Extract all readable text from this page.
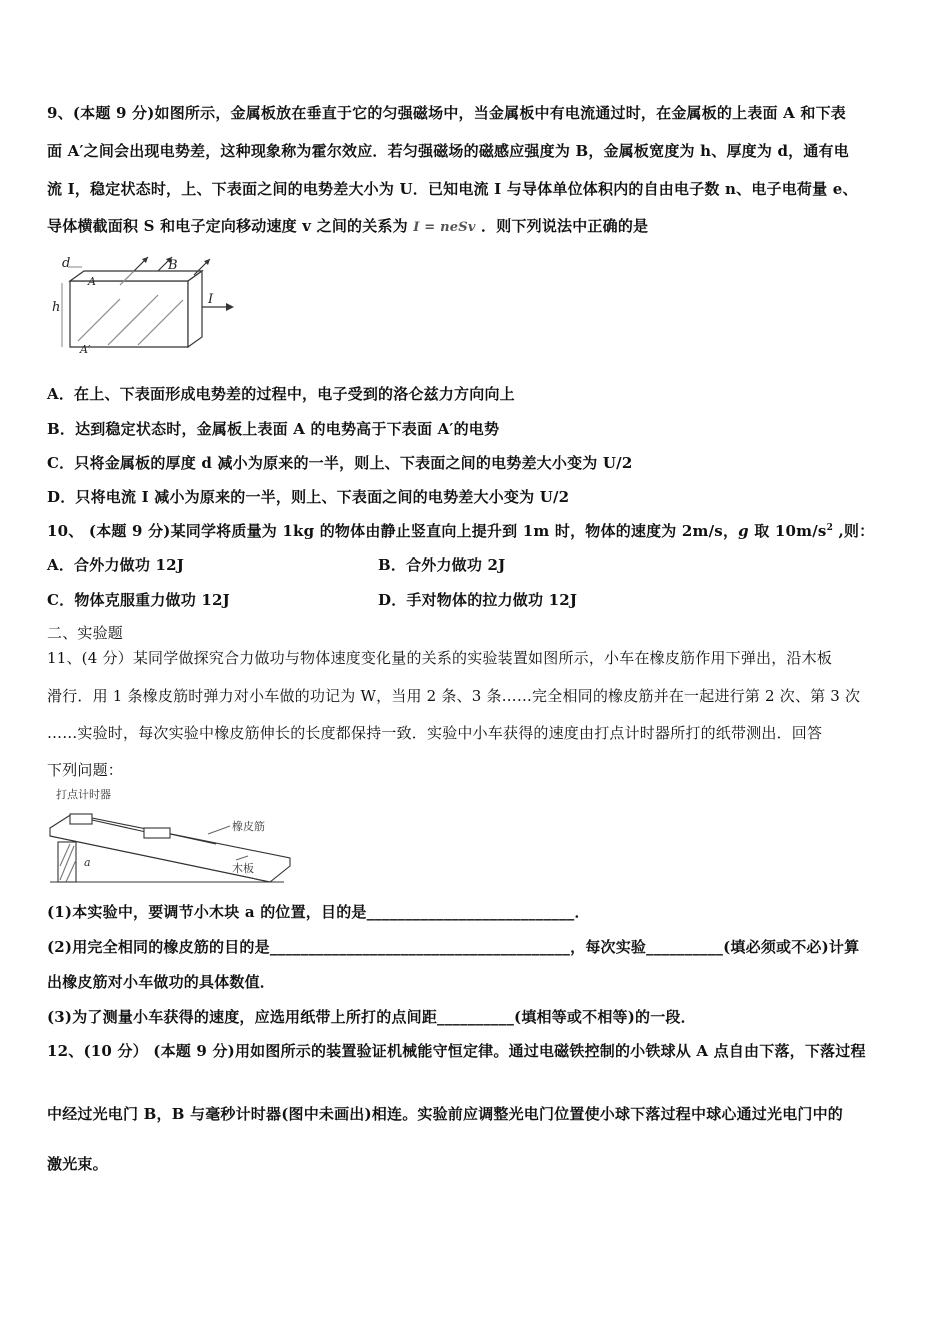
9、(本题 9 分)如图所示，金属板放在垂直于它的匀强磁场中，当金属板中有电流通过时，在金属板的上表面 A 和下表
面 A′之间会出现电势差，这种现象称为霍尔效应．若匀强磁场的磁感应强度为 B，金属板宽度为 h、厚度为 d，通有电
流 I，稳定状态时，上、下表面之间的电势差大小为 U．已知电流 I 与导体单位体积内的自由电子数 n、电子电荷量 e、
导体横截面积 S 和电子定向移动速度 v 之间的关系为 I = neSv ．则下列说法中正确的是
d	B
A
h
I
A′
A．在上、下表面形成电势差的过程中，电子受到的洛仑兹力方向向上
B．达到稳定状态时，金属板上表面 A 的电势高于下表面 A′的电势
C．只将金属板的厚度 d 减小为原来的一半，则上、下表面之间的电势差大小变为 U/2
D．只将电流 I 减小为原来的一半，则上、下表面之间的电势差大小变为 U/2
10、 (本题 9 分)某同学将质量为 1kg 的物体由静止竖直向上提升到 1m 时，物体的速度为 2m/s，g 取 $10m/s^2$ ,则：
A．合外力做功 12J	B．合外力做功 2J
C．物体克服重力做功 12J	D．手对物体的拉力做功 12J
二、实验题
11、(4 分）某同学做探究合力做功与物体速度变化量的关系的实验装置如图所示，小车在橡皮筋作用下弹出，沿木板
滑行．用 1 条橡皮筋时弹力对小车做的功记为 W，当用 2 条、3 条……完全相同的橡皮筋并在一起进行第 2 次、第 3 次
……实验时，每次实验中橡皮筋伸长的长度都保持一致．实验中小车获得的速度由打点计时器所打的纸带测出．回答
下列问题：
打点计时器
橡皮筋
木板
a
(1)本实验中，要调节小木块 a 的位置，目的是___________________________．
(2)用完全相同的橡皮筋的目的是_______________________________________，每次实验__________(填必须或不必)计算
出橡皮筋对小车做功的具体数值．
(3)为了测量小车获得的速度，应选用纸带上所打的点间距__________(填相等或不相等)的一段．
12、(10 分） (本题 9 分)用如图所示的装置验证机械能守恒定律。通过电磁铁控制的小铁球从 A 点自由下落，下落过程
中经过光电门 B，B 与毫秒计时器(图中未画出)相连。实验前应调整光电门位置使小球下落过程中球心通过光电门中的
激光束。
